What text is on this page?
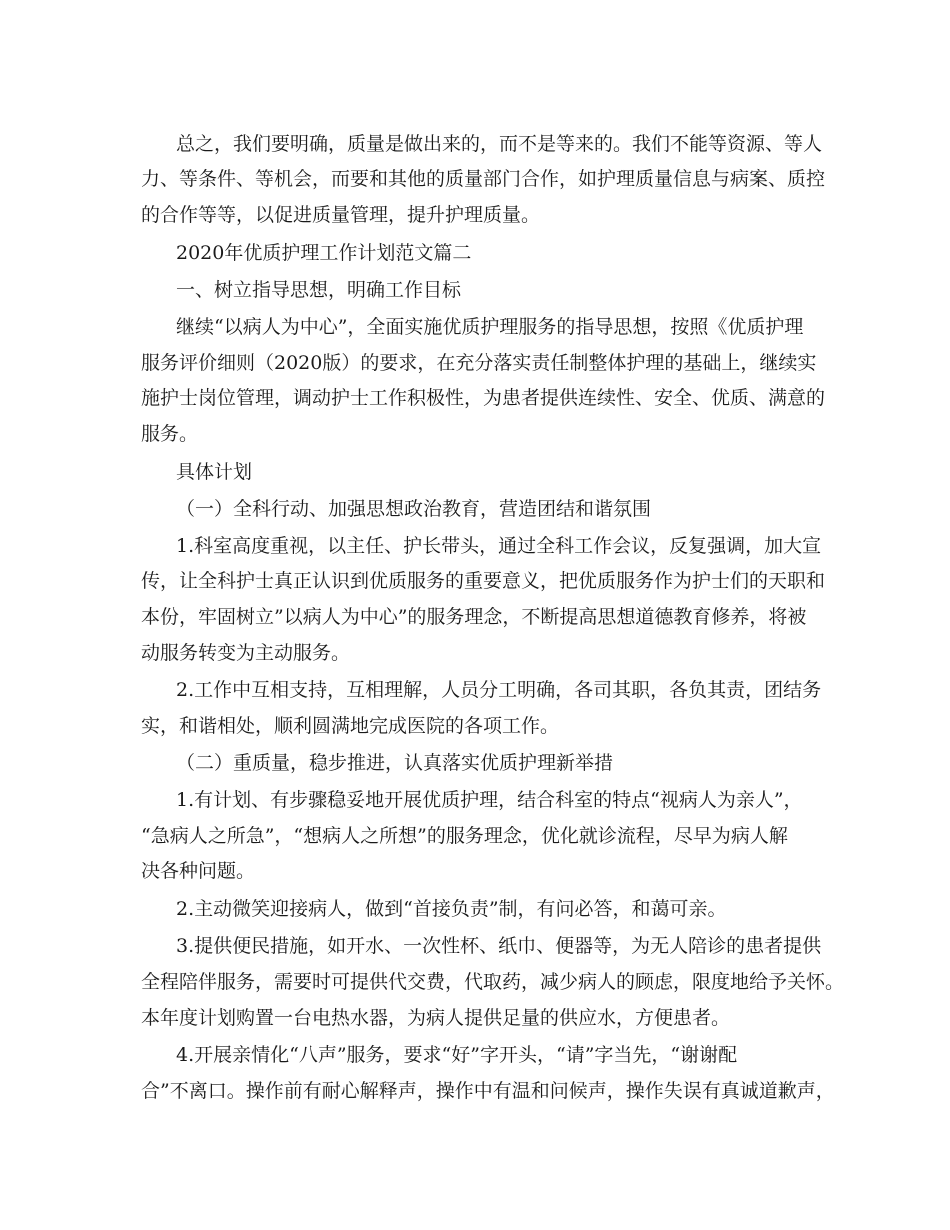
总之，我们要明确，质量是做出来的，而不是等来的。我们不能等资源、等人

力、等条件、等机会，而要和其他的质量部门合作，如护理质量信息与病案、质控

的合作等等，以促进质量管理，提升护理质量。

2020年优质护理工作计划范文篇二

一、树立指导思想，明确工作目标

继续“以病人为中心”，全面实施优质护理服务的指导思想，按照《优质护理

服务评价细则（2020版）的要求，在充分落实责任制整体护理的基础上，继续实

施护士岗位管理，调动护士工作积极性，为患者提供连续性、安全、优质、满意的

服务。

具体计划

（一）全科行动、加强思想政治教育，营造团结和谐氛围

1.科室高度重视，以主任、护长带头，通过全科工作会议，反复强调，加大宣

传，让全科护士真正认识到优质服务的重要意义，把优质服务作为护士们的天职和

本份，牢固树立”以病人为中心”的服务理念，不断提高思想道德教育修养，将被

动服务转变为主动服务。

2.工作中互相支持，互相理解，人员分工明确，各司其职，各负其责，团结务

实，和谐相处，顺利圆满地完成医院的各项工作。

（二）重质量，稳步推进，认真落实优质护理新举措

1.有计划、有步骤稳妥地开展优质护理，结合科室的特点“视病人为亲人”，

“急病人之所急”，“想病人之所想”的服务理念，优化就诊流程，尽早为病人解

决各种问题。

2.主动微笑迎接病人，做到“首接负责”制，有问必答，和蔼可亲。

3.提供便民措施，如开水、一次性杯、纸巾、便器等，为无人陪诊的患者提供

全程陪伴服务，需要时可提供代交费，代取药，减少病人的顾虑，限度地给予关怀。

本年度计划购置一台电热水器，为病人提供足量的供应水，方便患者。

4.开展亲情化“八声”服务，要求“好”字开头，“请”字当先，“谢谢配

合”不离口。操作前有耐心解释声，操作中有温和问候声，操作失误有真诚道歉声，
